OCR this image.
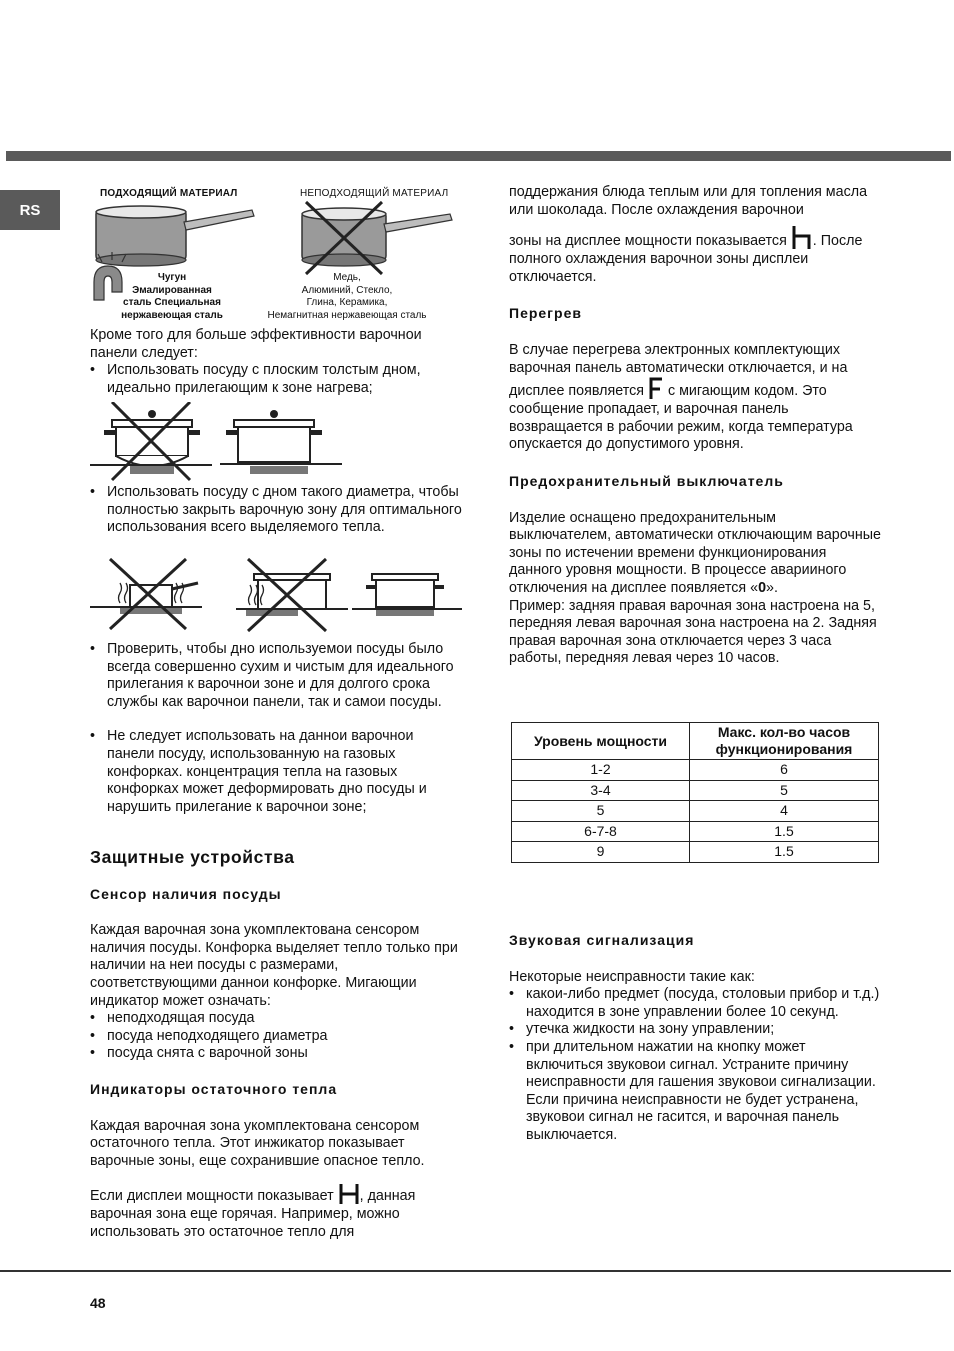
RS
ПОДХОДЯЩИЙ МАТЕРИАЛ	НЕПОДХОДЯЩИЙ МАТЕРИАЛ
Чугун
Эмалированная
сталь Специальная
нержавеющая сталь
Медь,
Алюминий, Стекло,
Глина, Керамика,
Немагнитная нержавеющая сталь

Кроме того для больше эффективности варочнои панели следует:

• Использовать посуду с плоским толстым дном, идеально прилегающим к зоне нагрева;
• Использовать посуду с дном такого диаметра, чтобы полностью закрыть варочную зону для оптимального использования всего выделяемого тепла.
• Проверить, чтобы дно используемои посуды было всегда совершенно сухим и чистым для идеального прилегания к варочнои зоне и для долгого срока службы как варочнои панели, так и самои посуды.
• Не следует использовать на даннои варочнои панели посуду, использованную на газовых конфорках. концентрация тепла на газовых конфорках может деформировать дно посуды и нарушить прилегание к варочнои зоне;
Защитные устройства
Сенсор наличия посуды

Каждая варочная зона укомплектована сенсором наличия посуды. Конфорка выделяет тепло только при наличии на неи посуды с размерами, соответствующими даннои конфорке. Мигающии индикатор может означать:

• неподходящая посуда
• посуда неподходящего диаметра
• посуда снята с варочной зоны
Индикаторы остаточного тепла

Каждая варочная зона укомплектована сенсором остаточного тепла. Этот инжикатор показывает варочные зоны, еще сохранившие опасное тепло.

Если дисплеи мощности показывает , данная варочная зона еще горячая. Например, можно использовать это остаточное тепло для

поддержания блюда теплым или для топления масла или шоколада. После охлаждения варочнои

зоны на дисплее мощности показывается . После полного охлаждения варочнои зоны дисплеи отключается.

Перегрев

В случае перегрева электронных комплектующих варочная панель автоматически отключается, и на дисплее появляется с мигающим кодом. Это сообщение пропадает, и варочная панель возвращается в рабочии режим, когда температура опускается до допустимого уровня.

Предохранительный выключатель

Изделие оснащено предохранительным выключателем, автоматически отключающим варочные зоны по истечении времени функционирования данного уровня мощности. В процессе аварииного отключения на дисплее появляется «0».

Пример: задняя правая варочная зона настроена на 5, передняя левая варочная зона настроена на 2. Задняя правая варочная зона отключается через 3 часа работы, передняя левая через 10 часов.

Уровень мощности	Макс. кол-во часов функционирования
1-2	6
3-4	5
5	4
6-7-8	1.5
9	1.5
Звуковая сигнализация

Некоторые неисправности такие как:

• какои-либо предмет (посуда, столовыи прибор и т.д.) находится в зоне управлении более 10 секунд.
• утечка жидкости на зону управлении;
• при длительном нажатии на кнопку может включиться звуковои сигнал. Устраните причину неисправности для гашения звуковои сигнализации. Если причина неисправности не будет устранена, звуковои сигнал не гасится, и варочная панель выключается.
48
